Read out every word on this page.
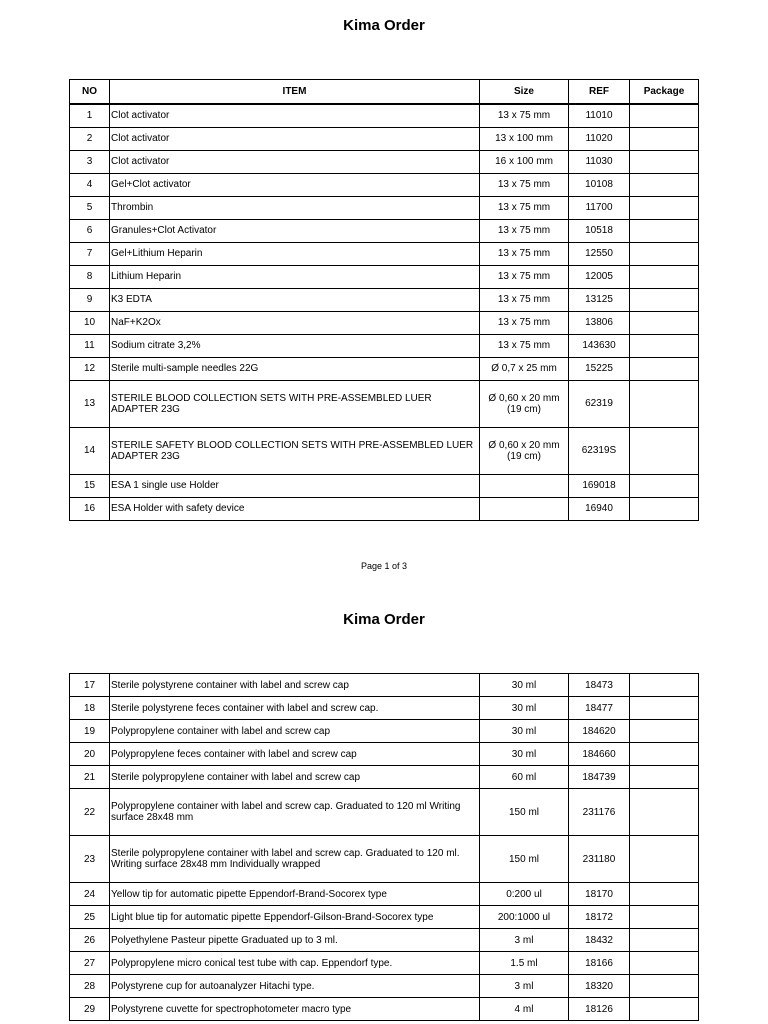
Kima Order
NO	ITEM	Size	REF	Package
1	Clot activator	13 x 75 mm	11010	
2	Clot activator	13 x 100 mm	11020	
3	Clot activator	16 x 100 mm	11030	
4	Gel+Clot activator	13 x 75 mm	10108	
5	Thrombin	13 x 75 mm	11700	
6	Granules+Clot Activator	13 x 75 mm	10518	
7	Gel+Lithium Heparin	13 x 75 mm	12550	
8	Lithium Heparin	13 x 75 mm	12005	
9	K3 EDTA	13 x 75 mm	13125	
10	NaF+K2Ox	13 x 75 mm	13806	
11	Sodium citrate 3,2%	13 x 75 mm	143630	
12	Sterile multi-sample needles 22G	Ø 0,7 x 25 mm	15225	
13	STERILE BLOOD COLLECTION SETS WITH PRE-ASSEMBLED LUER ADAPTER 23G	Ø 0,60 x 20 mm (19 cm)	62319	
14	STERILE SAFETY BLOOD COLLECTION SETS WITH PRE-ASSEMBLED LUER ADAPTER 23G	Ø 0,60 x 20 mm (19 cm)	62319S	
15	ESA 1 single use Holder		169018	
16	ESA Holder with safety device		16940	
Page 1 of 3
Kima Order
17	Sterile polystyrene container with label and screw cap	30 ml	18473	
18	Sterile polystyrene feces container with label and screw cap.	30 ml	18477	
19	Polypropylene container with label and screw cap	30 ml	184620	
20	Polypropylene feces container with label and screw cap	30 ml	184660	
21	Sterile polypropylene container with label and screw cap	60 ml	184739	
22	Polypropylene container with label and screw cap. Graduated to 120 ml Writing surface 28x48 mm	150 ml	231176	
23	Sterile polypropylene container with label and screw cap. Graduated to 120 ml. Writing surface 28x48 mm Individually wrapped	150 ml	231180	
24	Yellow tip for automatic pipette Eppendorf-Brand-Socorex type	0:200 ul	18170	
25	Light blue tip for automatic pipette Eppendorf-Gilson-Brand-Socorex type	200:1000 ul	18172	
26	Polyethylene Pasteur pipette Graduated up to 3 ml.	3 ml	18432	
27	Polypropylene micro conical test tube with cap. Eppendorf type.	1.5 ml	18166	
28	Polystyrene cup for autoanalyzer Hitachi type.	3 ml	18320	
29	Polystyrene cuvette for spectrophotometer macro type	4 ml	18126	
